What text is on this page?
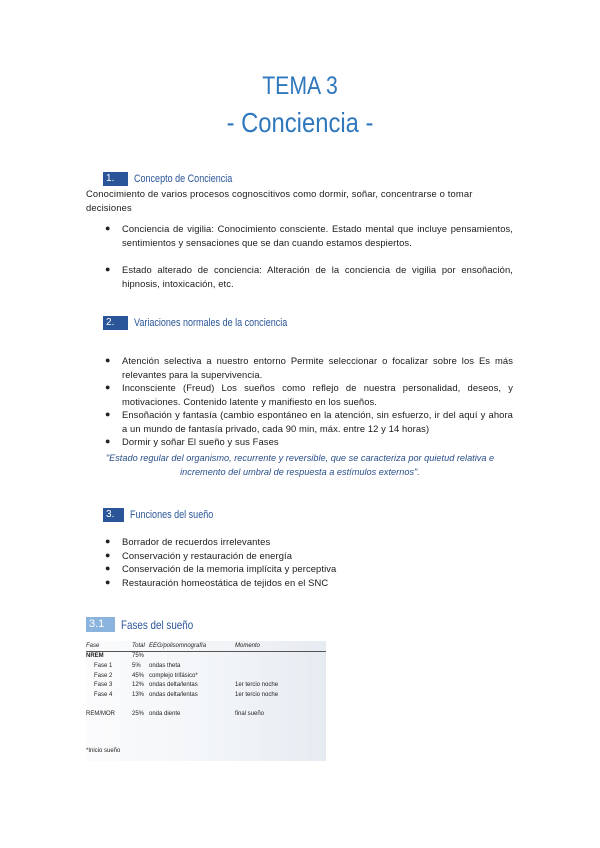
TEMA 3
- Conciencia -
1.	Concepto de Conciencia

Conocimiento de varios procesos cognoscitivos como dormir, soñar, concentrarse o tomar decisiones

● Conciencia de vigilia: Conocimiento consciente. Estado mental que incluye pensamientos, sentimientos y sensaciones que se dan cuando estamos despiertos.
● Estado alterado de conciencia: Alteración de la conciencia de vigilia por ensoñación, hipnosis, intoxicación, etc.
2.	Variaciones normales de la conciencia
● Atención selectiva a nuestro entorno Permite seleccionar o focalizar sobre los Es más relevantes para la supervivencia.
● Inconsciente (Freud) Los sueños como reflejo de nuestra personalidad, deseos, y motivaciones. Contenido latente y manifiesto en los sueños.
● Ensoñación y fantasía (cambio espontáneo en la atención, sin esfuerzo, ir del aquí y ahora a un mundo de fantasía privado, cada 90 min, máx. entre 12 y 14 horas)
● Dormir y soñar El sueño y sus Fases

"Estado regular del organismo, recurrente y reversible, que se caracteriza por quietud relativa e incremento del umbral de respuesta a estímulos externos".

3.	Funciones del sueño
● Borrador de recuerdos irrelevantes
● Conservación y restauración de energía
● Conservación de la memoria implícita y perceptiva
● Restauración homeostática de tejidos en el SNC
3.1	Fases del sueño
Fase	Total	EEG/polisomnografía	Momento
NREM	75%		
Fase 1	5%	ondas theta	
Fase 2	45%	complejo trifásico*	
Fase 3	12%	ondas delta/lentas	1er tercio noche
Fase 4	13%	ondas delta/lentas	1er tercio noche

REM/MOR	25%	onda diente	final sueño
*Inicio sueño
